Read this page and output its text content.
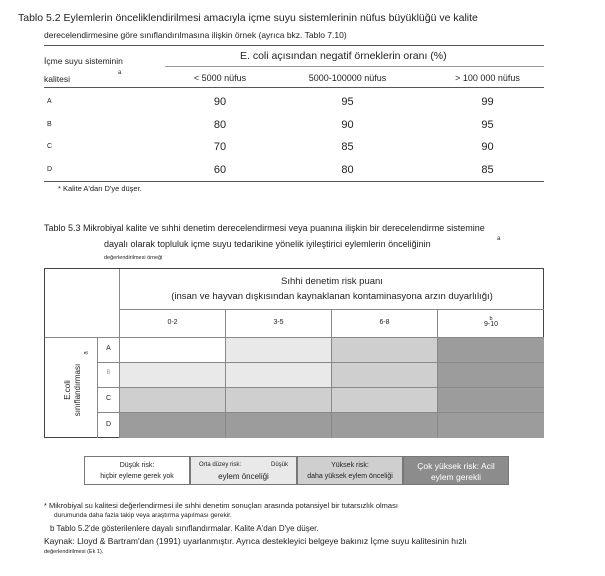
Tablo 5.2 Eylemlerin önceliklendirilmesi amacıyla içme suyu sistemlerinin nüfus büyüklüğü ve kalite
derecelendirmesine göre sınıflandırılmasına ilişkin örnek (ayrıca bkz. Tablo 7.10)
İçme suyu sisteminin
kalitesi
a
E. coli açısından negatif örneklerin oranı (%)
< 5000 nüfus	5000-100000 nüfus	> 100 000 nüfus
A	90	95	99
B	80	90	95
C	70	85	90
D	60	80	85
* Kalite A'dan D'ye düşer.
Tablo 5.3 Mikrobiyal kalite ve sıhhi denetim derecelendirmesi veya puanına ilişkin bir derecelendirme sistemine
dayalı olarak topluluk içme suyu tedarikine yönelik iyileştirici eylemlerin önceliğinin	a
değerlendirilmesi örneği
Sıhhi denetim risk puanı
(insan ve hayvan dışkısından kaynaklanan kontaminasyona arzın duyarlılığı)
0-2	3-5	6-8	b
9-10
E.coli
sınıflandırması
a
A
B
C
D
Düşük risk:
hiçbir eyleme gerek yok
Orta düzey risk:	Düşük
eylem önceliği
Yüksek risk:
daha yüksek eylem önceliği
Çok yüksek risk: Acil
eylem gerekli
* Mikrobiyal su kalitesi değerlendirmesi ile sıhhi denetim sonuçları arasında potansiyel bir tutarsızlık olması
durumunda daha fazla takip veya araştırma yapılması gerekir.
b Tablo 5.2'de gösterilenlere dayalı sınıflandırmalar. Kalite A'dan D'ye düşer.
Kaynak: Lloyd & Bartram'dan (1991) uyarlanmıştır. Ayrıca destekleyici belgeye bakınız İçme suyu kalitesinin hızlı
değerlendirilmesi (Ek 1).
